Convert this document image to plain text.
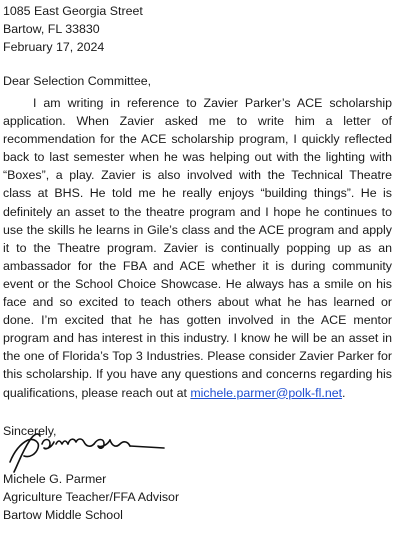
1085 East Georgia Street
Bartow, FL 33830
February 17, 2024
Dear Selection Committee,

I am writing in reference to Zavier Parker’s ACE scholarship application. When Zavier asked me to write him a letter of recommendation for the ACE scholarship program, I quickly reflected back to last semester when he was helping out with the lighting with “Boxes”, a play. Zavier is also involved with the Technical Theatre class at BHS. He told me he really enjoys “building things”. He is definitely an asset to the theatre program and I hope he continues to use the skills he learns in Gile’s class and the ACE program and apply it to the Theatre program. Zavier is continually popping up as an ambassador for the FBA and ACE whether it is during community event or the School Choice Showcase. He always has a smile on his face and so excited to teach others about what he has learned or done. I’m excited that he has gotten involved in the ACE mentor program and has interest in this industry. I know he will be an asset in the one of Florida’s Top 3 Industries. Please consider Zavier Parker for this scholarship. If you have any questions and concerns regarding his qualifications, please reach out at michele.parmer@polk-fl.net.

Sincerely,
Michele G. Parmer
Agriculture Teacher/FFA Advisor
Bartow Middle School
